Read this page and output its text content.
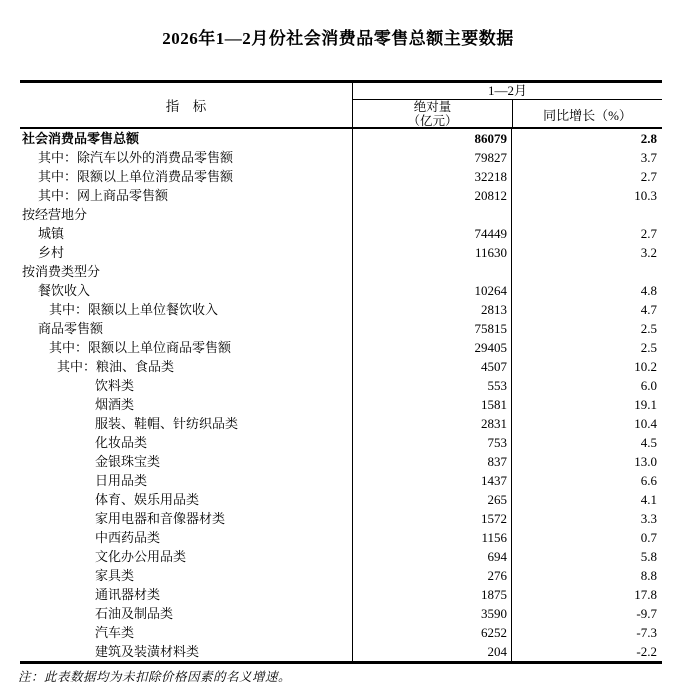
2026年1—2月份社会消费品零售总额主要数据
指　标
1—2月
绝对量
（亿元）	同比增长（%）
社会消费品零售总额	86079	2.8
其中：除汽车以外的消费品零售额	79827	3.7
其中：限额以上单位消费品零售额	32218	2.7
其中：网上商品零售额	20812	10.3
按经营地分
城镇	74449	2.7
乡村	11630	3.2
按消费类型分
餐饮收入	10264	4.8
其中：限额以上单位餐饮收入	2813	4.7
商品零售额	75815	2.5
其中：限额以上单位商品零售额	29405	2.5
其中：粮油、食品类	4507	10.2
饮料类	553	6.0
烟酒类	1581	19.1
服装、鞋帽、针纺织品类	2831	10.4
化妆品类	753	4.5
金银珠宝类	837	13.0
日用品类	1437	6.6
体育、娱乐用品类	265	4.1
家用电器和音像器材类	1572	3.3
中西药品类	1156	0.7
文化办公用品类	694	5.8
家具类	276	8.8
通讯器材类	1875	17.8
石油及制品类	3590	-9.7
汽车类	6252	-7.3
建筑及装潢材料类	204	-2.2
注：此表数据均为未扣除价格因素的名义增速。
